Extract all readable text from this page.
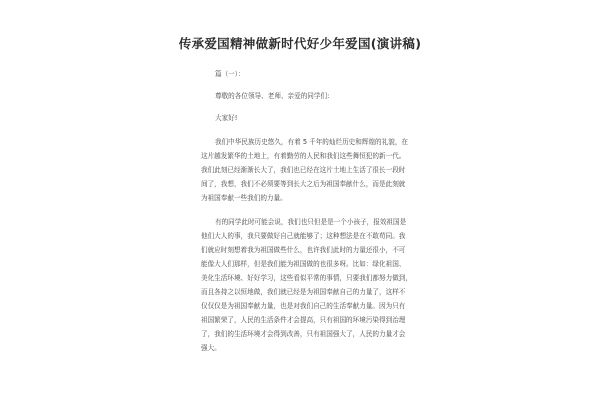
传承爱国精神做新时代好少年爱国(演讲稿)
篇（一）：
尊敬的各位领导、老师、亲爱的同学们:
大家好!
我们中华民族历史悠久，有着 5 千年的灿烂历史和辉煌的礼貌，在
这片越发繁华的土地上，有着勤劳的人民和我们这些舞恒犯的新一代。
我们此刻已经渐渐长大了，我们也已经在这片土地上生活了很长一段时
间了，我想，我们不必须要等到长大之后为祖国奉献什么，而是此刻就
为祖国奉献一些我们的力量。
有的同学此时可能会说，我们也只但是是一个小孩子，报效祖国是
他们大人的事，我只要做好自己就能够了；这种想法是在不敢苟同。我
们就应时刻想着我为祖国做些什么，也许我们此时的力量还很小，不可
能像大人们那样，但是我们能为祖国做的也很多呀。比如：绿化祖国、
美化生活环境、好好学习，这些看似平常的事情，只要我们都努力做到，
而且各持之以恒地做，我们就已经是为祖国奉献自己的力量了，这样不
仅仅仅是为祖国奉献力量，也是对我们自己的生活奉献力量。因为只有
祖国繁荣了，人民的生活条件才会提高，只有祖国的环境污染得到治理
了，我们的生活环境才会得到改善，只有祖国强大了，人民的力量才会
强大。
